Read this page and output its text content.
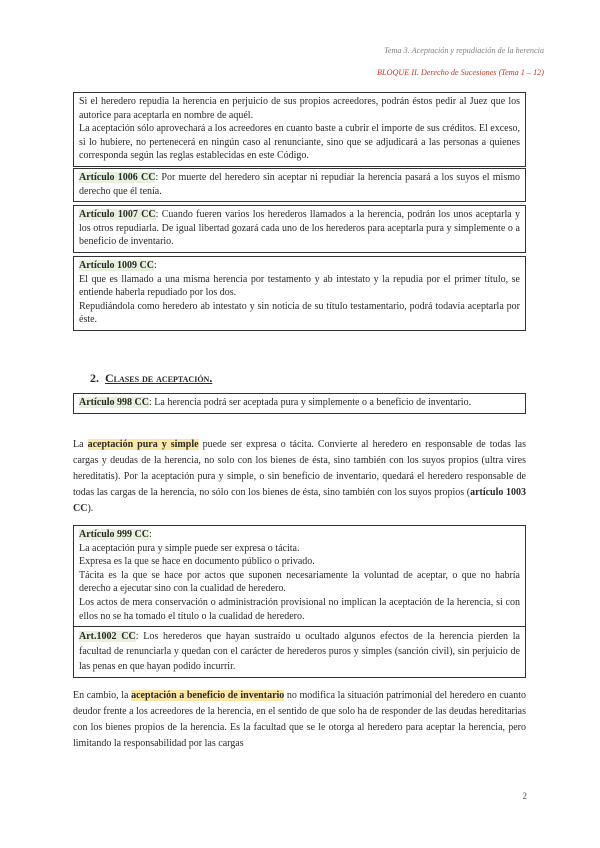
Tema 3. Aceptación y repudiación de la herencia
BLOQUE II. Derecho de Sucesiones (Tema 1 – 12)

Si el heredero repudia la herencia en perjuicio de sus propios acreedores, podrán éstos pedir al Juez que los autorice para aceptarla en nombre de aquél.

La aceptación sólo aprovechará a los acreedores en cuanto baste a cubrir el importe de sus créditos. El exceso, si lo hubiere, no pertenecerá en ningún caso al renunciante, sino que se adjudicará a las personas a quienes corresponda según las reglas establecidas en este Código.

Artículo 1006 CC: Por muerte del heredero sin aceptar ni repudiar la herencia pasará a los suyos el mismo derecho que él tenía.

Artículo 1007 CC: Cuando fueren varios los herederos llamados a la herencia, podrán los unos aceptarla y los otros repudiarla. De igual libertad gozará cada uno de los herederos para aceptarla pura y simplemente o a beneficio de inventario.

Artículo 1009 CC:

El que es llamado a una misma herencia por testamento y ab intestato y la repudia por el primer título, se entiende haberla repudiado por los dos.

Repudiándola como heredero ab intestato y sin noticia de su título testamentario, podrá todavía aceptarla por éste.

2. Clases de aceptación.

Artículo 998 CC: La herencia podrá ser aceptada pura y simplemente o a beneficio de inventario.

La aceptación pura y simple puede ser expresa o tácita. Convierte al heredero en responsable de todas las cargas y deudas de la herencia, no solo con los bienes de ésta, sino también con los suyos propios (ultra vires hereditatis). Por la aceptación pura y simple, o sin beneficio de inventario, quedará el heredero responsable de todas las cargas de la herencia, no sólo con los bienes de ésta, sino también con los suyos propios (artículo 1003 CC).

Artículo 999 CC:

La aceptación pura y simple puede ser expresa o tácita.

Expresa es la que se hace en documento público o privado.

Tácita es la que se hace por actos que suponen necesariamente la voluntad de aceptar, o que no habría derecho a ejecutar sino con la cualidad de heredero.

Los actos de mera conservación o administración provisional no implican la aceptación de la herencia, si con ellos no se ha tomado el título o la cualidad de heredero.

Art.1002 CC: Los herederos que hayan sustraído u ocultado algunos efectos de la herencia pierden la facultad de renunciarla y quedan con el carácter de herederos puros y simples (sanción civil), sin perjuicio de las penas en que hayan podido incurrir.

En cambio, la aceptación a beneficio de inventario no modifica la situación patrimonial del heredero en cuanto deudor frente a los acreedores de la herencia, en el sentido de que solo ha de responder de las deudas hereditarias con los bienes propios de la herencia. Es la facultad que se le otorga al heredero para aceptar la herencia, pero limitando la responsabilidad por las cargas
2
